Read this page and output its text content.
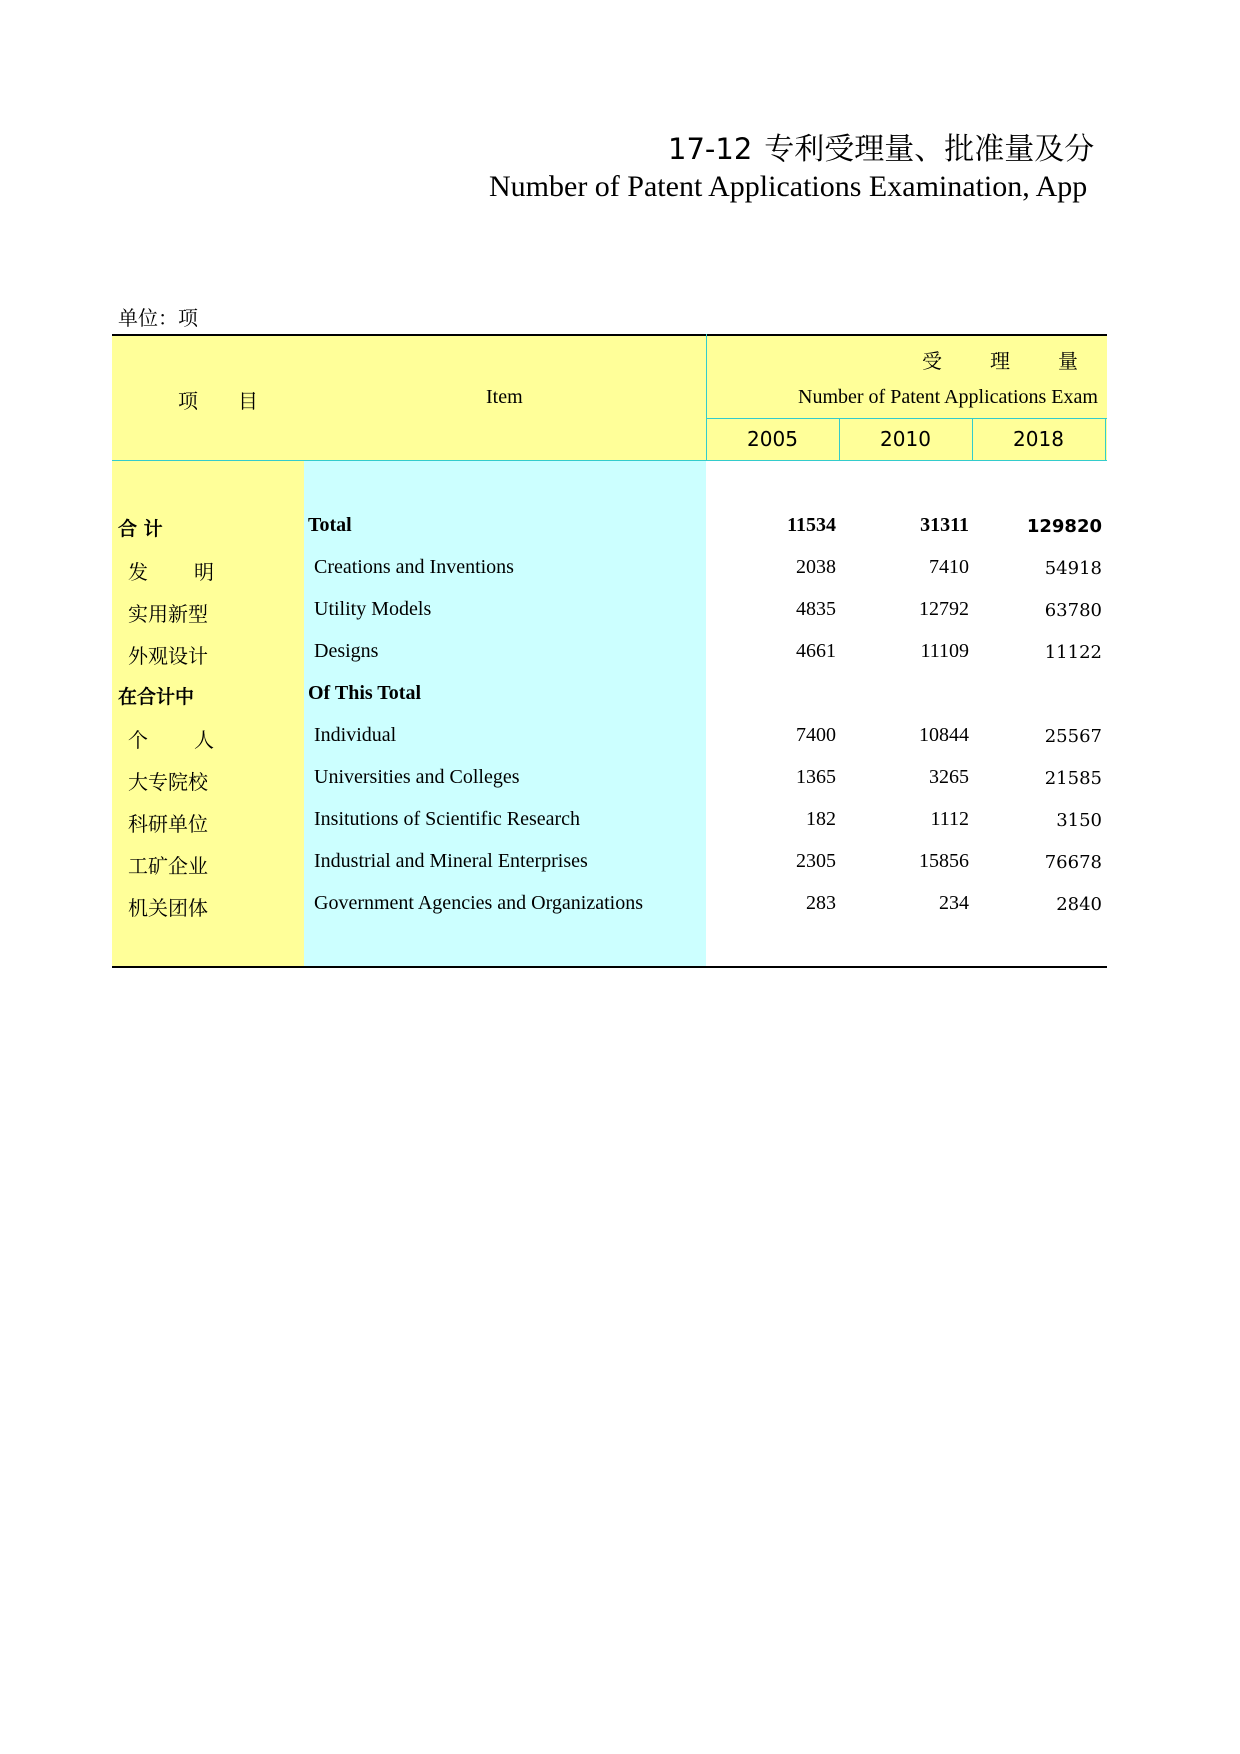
17-12 专利受理量、批准量及分
Number of Patent Applications Examination, App
单位：项
项　目	Item
受　理　量
Number of Patent Applications Exam
2005	2010	2018
合 计	Total	11534	31311	129820
发　　明	Creations and Inventions	2038	7410	54918
实用新型	Utility Models	4835	12792	63780
外观设计	Designs	4661	11109	11122
在合计中	Of This Total
个　　人	Individual	7400	10844	25567
大专院校	Universities and Colleges	1365	3265	21585
科研单位	Insitutions of Scientific Research	182	1112	3150
工矿企业	Industrial and Mineral Enterprises	2305	15856	76678
机关团体	Government Agencies and Organizations	283	234	2840
